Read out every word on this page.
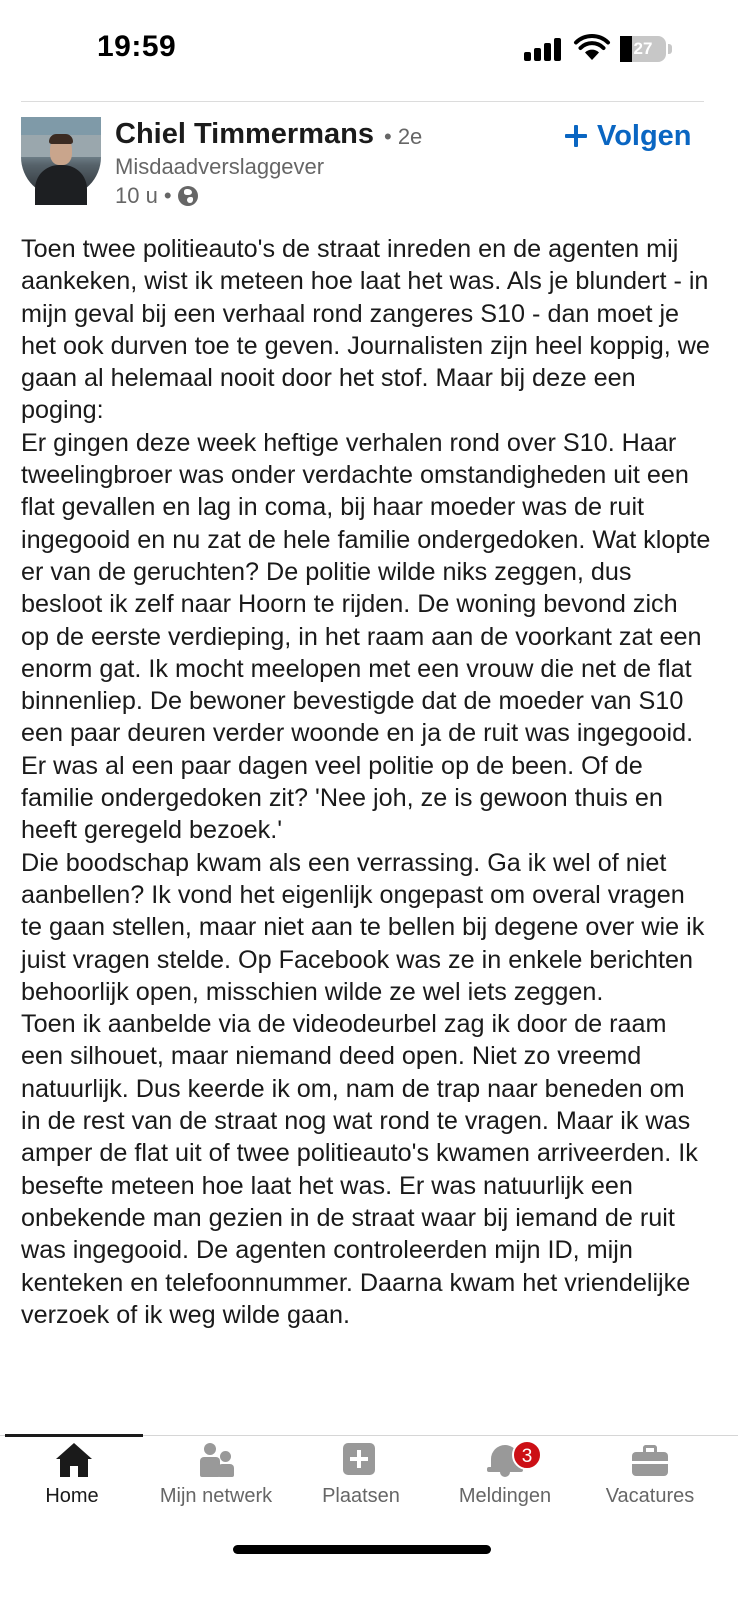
19:59	27
Chiel Timmermans • 2e
Misdaadverslaggever
10 u •
Volgen

Toen twee politieauto's de straat inreden en de agenten mij aankeken, wist ik meteen hoe laat het was. Als je blundert - in mijn geval bij een verhaal rond zangeres S10 - dan moet je het ook durven toe te geven. Journalisten zijn heel koppig, we gaan al helemaal nooit door het stof. Maar bij deze een poging:

Er gingen deze week heftige verhalen rond over S10. Haar tweelingbroer was onder verdachte omstandigheden uit een flat gevallen en lag in coma, bij haar moeder was de ruit ingegooid en nu zat de hele familie ondergedoken. Wat klopte er van de geruchten? De politie wilde niks zeggen, dus besloot ik zelf naar Hoorn te rijden. De woning bevond zich op de eerste verdieping, in het raam aan de voorkant zat een enorm gat. Ik mocht meelopen met een vrouw die net de flat binnenliep. De bewoner bevestigde dat de moeder van S10 een paar deuren verder woonde en ja de ruit was ingegooid. Er was al een paar dagen veel politie op de been. Of de familie ondergedoken zit? 'Nee joh, ze is gewoon thuis en heeft geregeld bezoek.'

Die boodschap kwam als een verrassing. Ga ik wel of niet aanbellen? Ik vond het eigenlijk ongepast om overal vragen te gaan stellen, maar niet aan te bellen bij degene over wie ik juist vragen stelde. Op Facebook was ze in enkele berichten behoorlijk open, misschien wilde ze wel iets zeggen.

Toen ik aanbelde via de videodeurbel zag ik door de raam een silhouet, maar niemand deed open. Niet zo vreemd natuurlijk. Dus keerde ik om, nam de trap naar beneden om in de rest van de straat nog wat rond te vragen. Maar ik was amper de flat uit of twee politieauto's kwamen arriveerden. Ik besefte meteen hoe laat het was. Er was natuurlijk een onbekende man gezien in de straat waar bij iemand de ruit was ingegooid. De agenten controleerden mijn ID, mijn kenteken en telefoonnummer. Daarna kwam het vriendelijke verzoek of ik weg wilde gaan.

Home	Mijn netwerk	Plaatsen
3
Meldingen	Vacatures
